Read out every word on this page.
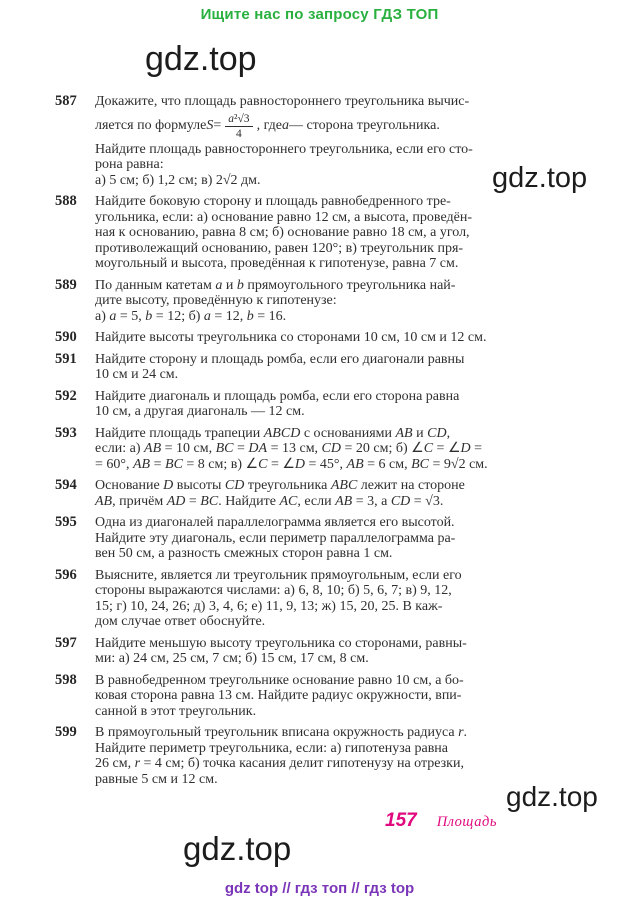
Ищите нас по запросу ГДЗ ТОП
gdz.top
gdz.top
gdz.top
gdz.top
587	Докажите, что площадь равностороннего треугольника вычис-
ляется по формуле $S = \frac{\text{a²√3}}{4}$ , где a — сторона треугольника.
Найдите площадь равностороннего треугольника, если его сто-
рона равна:
а) 5 см; б) 1,2 см; в) 2√2 дм.
588	Найдите боковую сторону и площадь равнобедренного тре-
угольника, если: а) основание равно 12 см, а высота, проведён-
ная к основанию, равна 8 см; б) основание равно 18 см, а угол,
противолежащий основанию, равен 120°; в) треугольник пря-
моугольный и высота, проведённая к гипотенузе, равна 7 см.
589	По данным катетам a и b прямоугольного треугольника най-
дите высоту, проведённую к гипотенузе:
а) a = 5, b = 12; б) a = 12, b = 16.
590	Найдите высоты треугольника со сторонами 10 см, 10 см и 12 см.
591	Найдите сторону и площадь ромба, если его диагонали равны
10 см и 24 см.
592	Найдите диагональ и площадь ромба, если его сторона равна
10 см, а другая диагональ — 12 см.
593	Найдите площадь трапеции ABCD с основаниями AB и CD,
если: а) AB = 10 см, BC = DA = 13 см, CD = 20 см; б) ∠C = ∠D =
= 60°, AB = BC = 8 см; в) ∠C = ∠D = 45°, AB = 6 см, BC = 9√2 см.
594	Основание D высоты CD треугольника ABC лежит на стороне
AB, причём AD = BC. Найдите AC, если AB = 3, а CD = √3.
595	Одна из диагоналей параллелограмма является его высотой.
Найдите эту диагональ, если периметр параллелограмма ра-
вен 50 см, а разность смежных сторон равна 1 см.
596	Выясните, является ли треугольник прямоугольным, если его
стороны выражаются числами: а) 6, 8, 10; б) 5, 6, 7; в) 9, 12,
15; г) 10, 24, 26; д) 3, 4, 6; е) 11, 9, 13; ж) 15, 20, 25. В каж-
дом случае ответ обоснуйте.
597	Найдите меньшую высоту треугольника со сторонами, равны-
ми: а) 24 см, 25 см, 7 см; б) 15 см, 17 см, 8 см.
598	В равнобедренном треугольнике основание равно 10 см, а бо-
ковая сторона равна 13 см. Найдите радиус окружности, впи-
санной в этот треугольник.
599	В прямоугольный треугольник вписана окружность радиуса r.
Найдите периметр треугольника, если: а) гипотенуза равна
26 см, r = 4 см; б) точка касания делит гипотенузу на отрезки,
равные 5 см и 12 см.
157 Площадь
gdz top // гдз топ // гдз top
